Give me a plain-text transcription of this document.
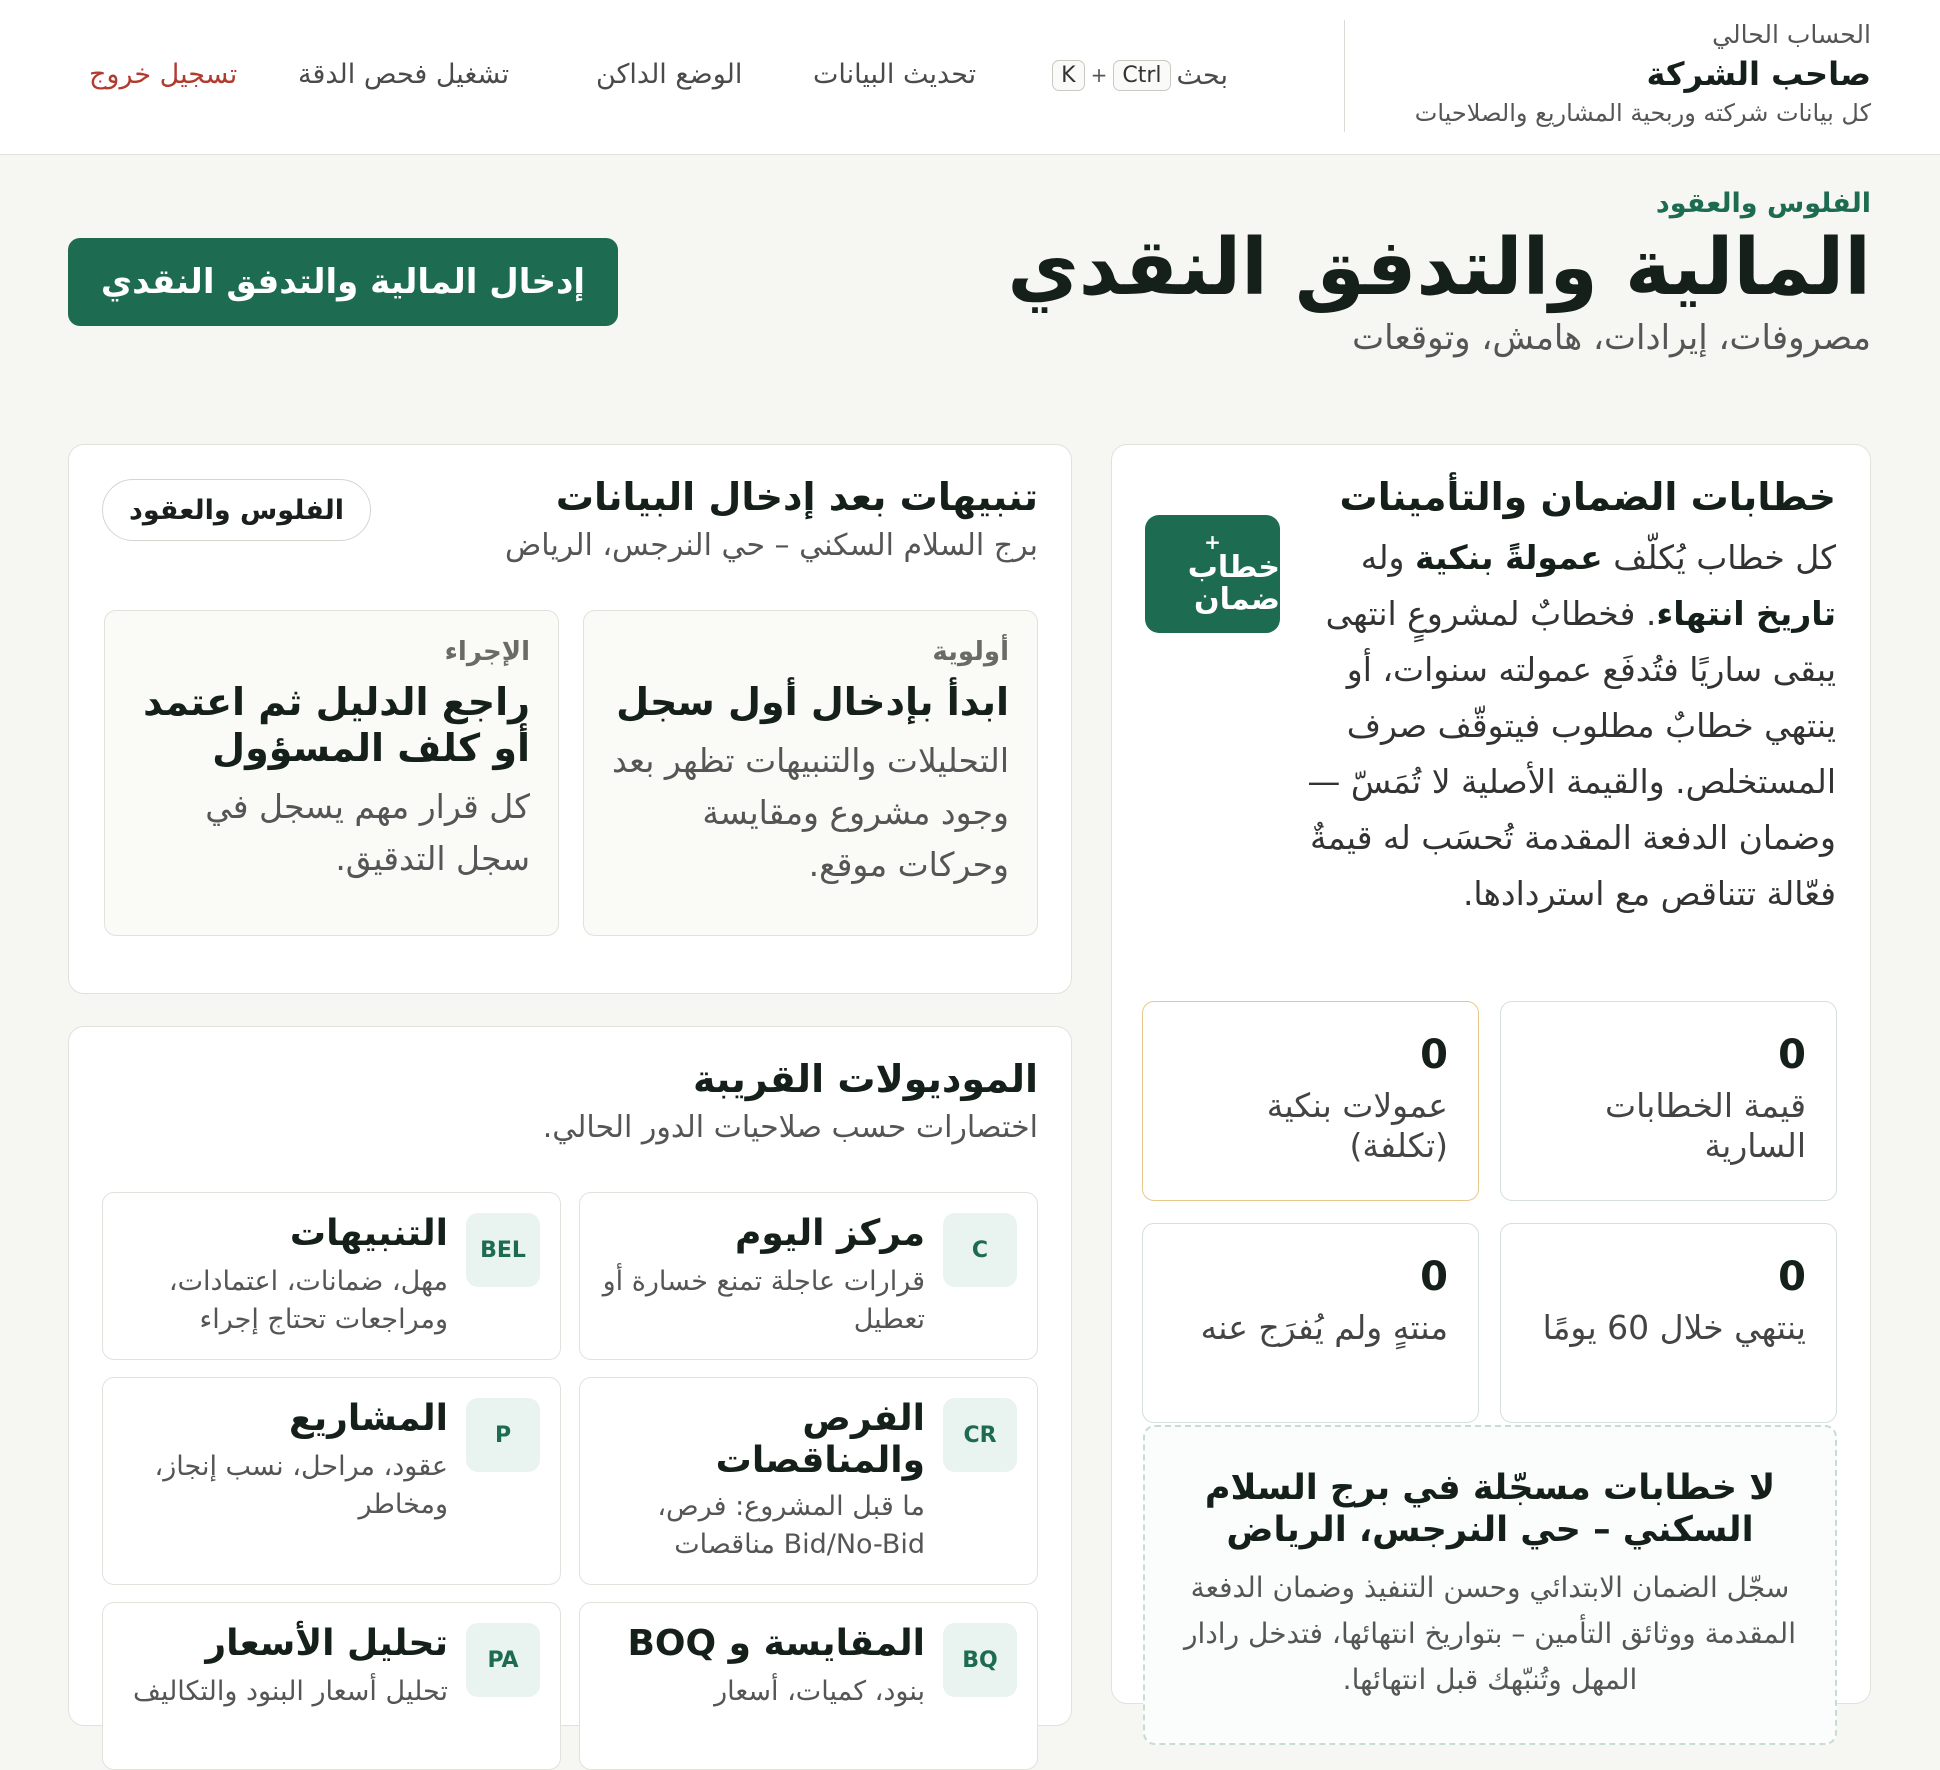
الحساب الحالي
صاحب الشركة
كل بيانات شركته وربحية المشاريع والصلاحيات
بحث
Ctrl
+
K
تحديث البيانات
الوضع الداكن
تشغيل فحص الدقة
تسجيل خروج
الفلوس والعقود
المالية والتدفق النقدي
مصروفات، إيرادات، هامش، وتوقعات
إدخال المالية والتدفق النقدي
خطابات الضمان والتأمينات
كل خطاب يُكلّف عمولةً بنكية وله تاريخ انتهاء. فخطابٌ لمشروعٍ انتهى يبقى ساريًا فتُدفَع عمولته سنوات، أو ينتهي خطابٌ مطلوب فيتوقّف صرف المستخلص. والقيمة الأصلية لا تُمَسّ — وضمان الدفعة المقدمة تُحسَب له قيمةٌ فعّالة تتناقص مع استردادها.
+
خطاب ضمان
0
قيمة الخطابات السارية
0
عمولات بنكية (تكلفة)
0
ينتهي خلال 60 يومًا
0
منتهٍ ولم يُفرَج عنه
لا خطابات مسجّلة في برج السلام السكني – حي النرجس، الرياض
سجّل الضمان الابتدائي وحسن التنفيذ وضمان الدفعة المقدمة ووثائق التأمين – بتواريخ انتهائها، فتدخل رادار المهل وتُنبّهك قبل انتهائها.
تنبيهات بعد إدخال البيانات
برج السلام السكني – حي النرجس، الرياض
الفلوس والعقود
أولوية
ابدأ بإدخال أول سجل
التحليلات والتنبيهات تظهر بعد وجود مشروع ومقايسة وحركات موقع.
الإجراء
راجع الدليل ثم اعتمد أو كلف المسؤول
كل قرار مهم يسجل في سجل التدقيق.
الموديولات القريبة
اختصارات حسب صلاحيات الدور الحالي.
C
مركز اليوم
قرارات عاجلة تمنع خسارة أو تعطيل
BEL
التنبيهات
مهل، ضمانات، اعتمادات، ومراجعات تحتاج إجراء
CR
الفرص والمناقصات
ما قبل المشروع: فرص، Bid/No-Bid مناقصات
P
المشاريع
عقود، مراحل، نسب إنجاز، ومخاطر
BQ
المقايسة و BOQ
بنود، كميات، أسعار
PA
تحليل الأسعار
تحليل أسعار البنود والتكاليف
